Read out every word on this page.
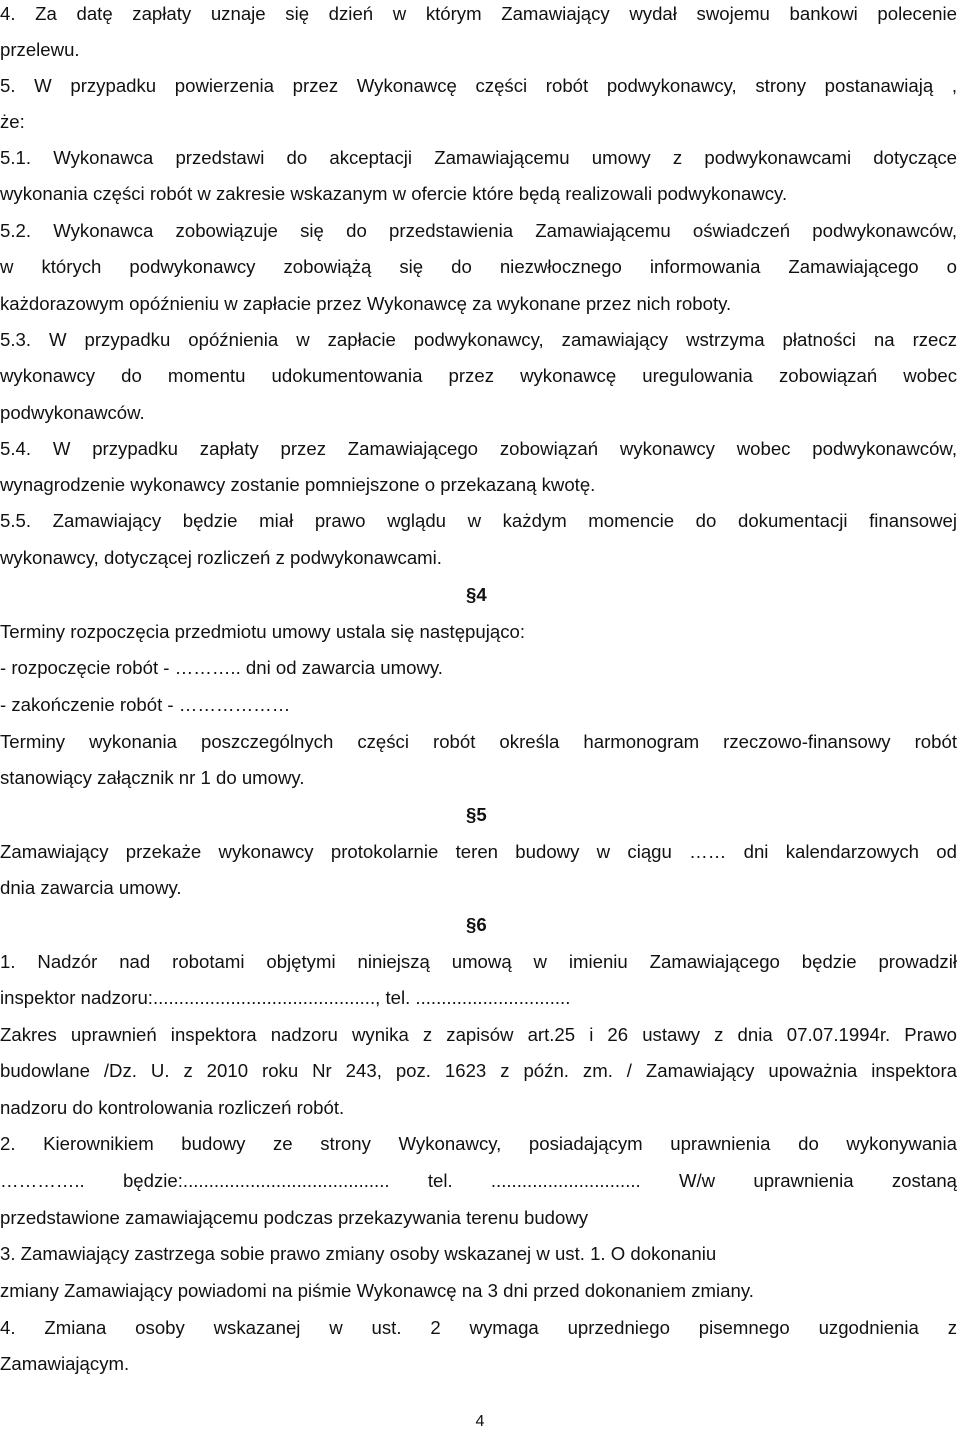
4. Za datę zapłaty uznaje się dzień w którym Zamawiający wydał swojemu bankowi polecenie
przelewu.
5. W przypadku powierzenia przez Wykonawcę części robót podwykonawcy, strony postanawiają ,
że:
5.1. Wykonawca przedstawi do akceptacji Zamawiającemu umowy z podwykonawcami dotyczące
wykonania części robót w zakresie wskazanym w ofercie które będą realizowali podwykonawcy.
5.2. Wykonawca zobowiązuje się do przedstawienia Zamawiającemu oświadczeń podwykonawców,
w których podwykonawcy zobowiążą się do niezwłocznego informowania Zamawiającego o
każdorazowym opóźnieniu w zapłacie przez Wykonawcę za wykonane przez nich roboty.
5.3. W przypadku opóźnienia w zapłacie podwykonawcy, zamawiający wstrzyma płatności na rzecz
wykonawcy do momentu udokumentowania przez wykonawcę uregulowania zobowiązań wobec
podwykonawców.
5.4. W przypadku zapłaty przez Zamawiającego zobowiązań wykonawcy wobec podwykonawców,
wynagrodzenie wykonawcy zostanie pomniejszone o przekazaną kwotę.
5.5. Zamawiający będzie miał prawo wglądu w każdym momencie do dokumentacji finansowej
wykonawcy, dotyczącej rozliczeń z podwykonawcami.
§4
Terminy rozpoczęcia przedmiotu umowy ustala się następująco:
- rozpoczęcie robót - ……….. dni od zawarcia umowy.
- zakończenie robót - ………………
Terminy wykonania poszczególnych części robót określa harmonogram rzeczowo-finansowy robót
stanowiący załącznik nr 1 do umowy.
§5
Zamawiający przekaże wykonawcy protokolarnie teren budowy w ciągu …… dni kalendarzowych od
dnia zawarcia umowy.
§6
1. Nadzór nad robotami objętymi niniejszą umową w imieniu Zamawiającego będzie prowadził
inspektor nadzoru:..........................................., tel. ..............................
Zakres uprawnień inspektora nadzoru wynika z zapisów art.25 i 26 ustawy z dnia 07.07.1994r. Prawo
budowlane /Dz. U. z 2010 roku Nr 243, poz. 1623 z późn. zm. / Zamawiający upoważnia inspektora
nadzoru do kontrolowania rozliczeń robót.
2. Kierownikiem budowy ze strony Wykonawcy, posiadającym uprawnienia do wykonywania
………….. będzie:........................................ tel. ............................. W/w uprawnienia zostaną
przedstawione zamawiającemu podczas przekazywania terenu budowy
3. Zamawiający zastrzega sobie prawo zmiany osoby wskazanej w ust. 1. O dokonaniu
zmiany Zamawiający powiadomi na piśmie Wykonawcę na 3 dni przed dokonaniem zmiany.
4. Zmiana osoby wskazanej w ust. 2 wymaga uprzedniego pisemnego uzgodnienia z
Zamawiającym.
4
